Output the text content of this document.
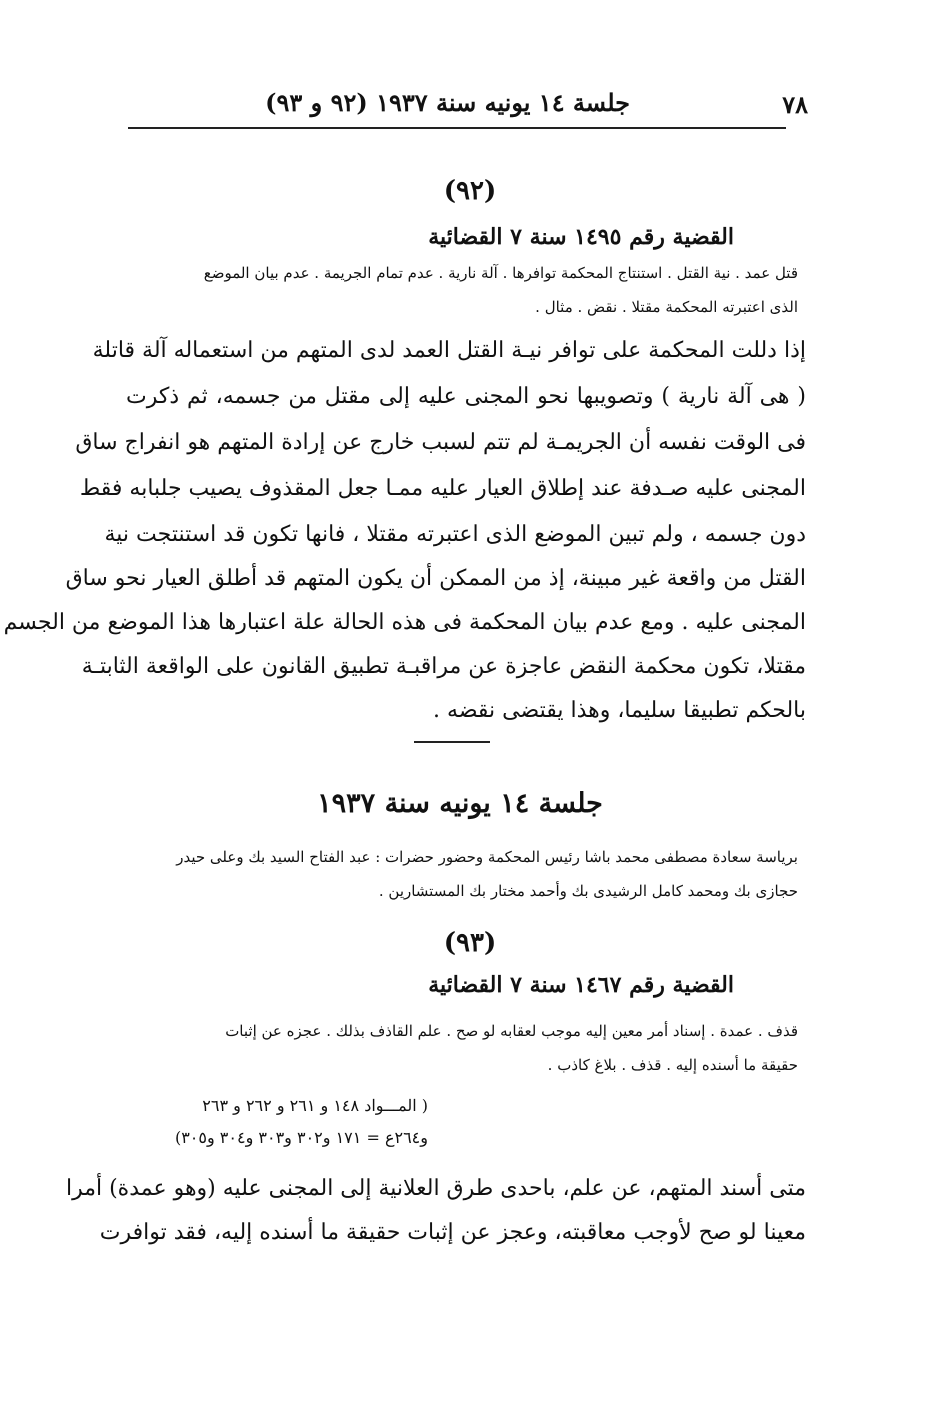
جلسة ١٤ يونيه سنة ١٩٣٧ (٩٢ و ٩٣)	٧٨
(٩٢)
القضية رقم ١٤٩٥ سنة ٧ القضائية
قتل عمد . نية القتل . استنتاج المحكمة توافرها . آلة نارية . عدم تمام الجريمة . عدم بيان الموضع
الذى اعتبرته المحكمة مقتلا . نقض . مثال .
إذا دللت المحكمة على توافر نيـة القتل العمد لدى المتهم من استعماله آلة قاتلة
( هى آلة نارية ) وتصويبها نحو المجنى عليه إلى مقتل من جسمه، ثم ذكرت
فى الوقت نفسه أن الجريمـة لم تتم لسبب خارج عن إرادة المتهم هو انفراج ساق
المجنى عليه صـدفة عند إطلاق العيار عليه ممـا جعل المقذوف يصيب جلبابه فقط
دون جسمه ، ولم تبين الموضع الذى اعتبرته مقتلا ، فانها تكون قد استنتجت نية
القتل من واقعة غير مبينة، إذ من الممكن أن يكون المتهم قد أطلق العيار نحو ساق
المجنى عليه . ومع عدم بيان المحكمة فى هذه الحالة علة اعتبارها هذا الموضع من الجسم
مقتلا، تكون محكمة النقض عاجزة عن مراقبـة تطبيق القانون على الواقعة الثابتـة
بالحكم تطبيقا سليما، وهذا يقتضى نقضه .
جلسة ١٤ يونيه سنة ١٩٣٧
برياسة سعادة مصطفى محمد باشا رئيس المحكمة وحضور حضرات : عبد الفتاح السيد بك وعلى حيدر
حجازى بك ومحمد كامل الرشيدى بك وأحمد مختار بك المستشارين .
(٩٣)
القضية رقم ١٤٦٧ سنة ٧ القضائية
قذف . عمدة . إسناد أمر معين إليه موجب لعقابه لو صح . علم القاذف بذلك . عجزه عن إثبات
حقيقة ما أسنده إليه . قذف . بلاغ كاذب .
( المـــواد ١٤٨ و ٢٦١ و ٢٦٢ و ٢٦٣
و٢٦٤ع = ١٧١ و٣٠٢ و٣٠٣ و٣٠٤ و٣٠٥)
متى أسند المتهم، عن علم، باحدى طرق العلانية إلى المجنى عليه (وهو عمدة) أمرا
معينا لو صح لأوجب معاقبته، وعجز عن إثبات حقيقة ما أسنده إليه، فقد توافرت
